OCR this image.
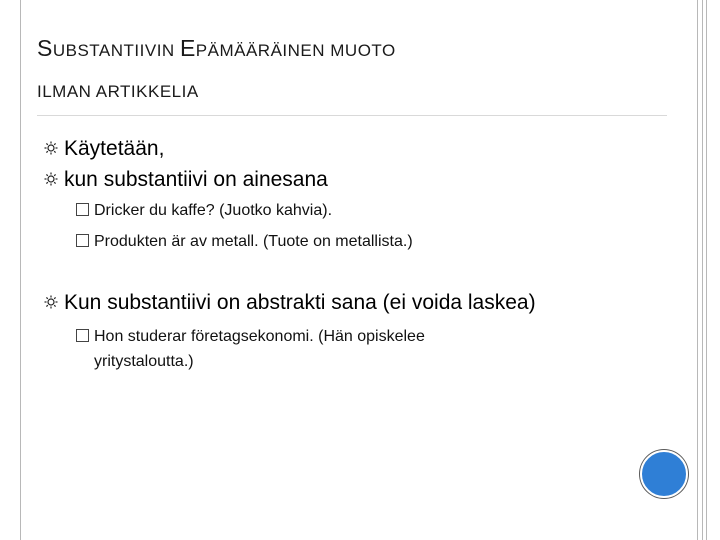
SUBSTANTIIVIN EPÄMÄÄRÄINEN MUOTO
ILMAN ARTIKKELIA
Käytetään,
kun substantiivi on ainesana
Dricker du kaffe? (Juotko kahvia).
Produkten är av metall. (Tuote on metallista.)
Kun substantiivi on abstrakti sana (ei voida laskea)
Hon studerar företagsekonomi. (Hän opiskelee
yritystaloutta.)
